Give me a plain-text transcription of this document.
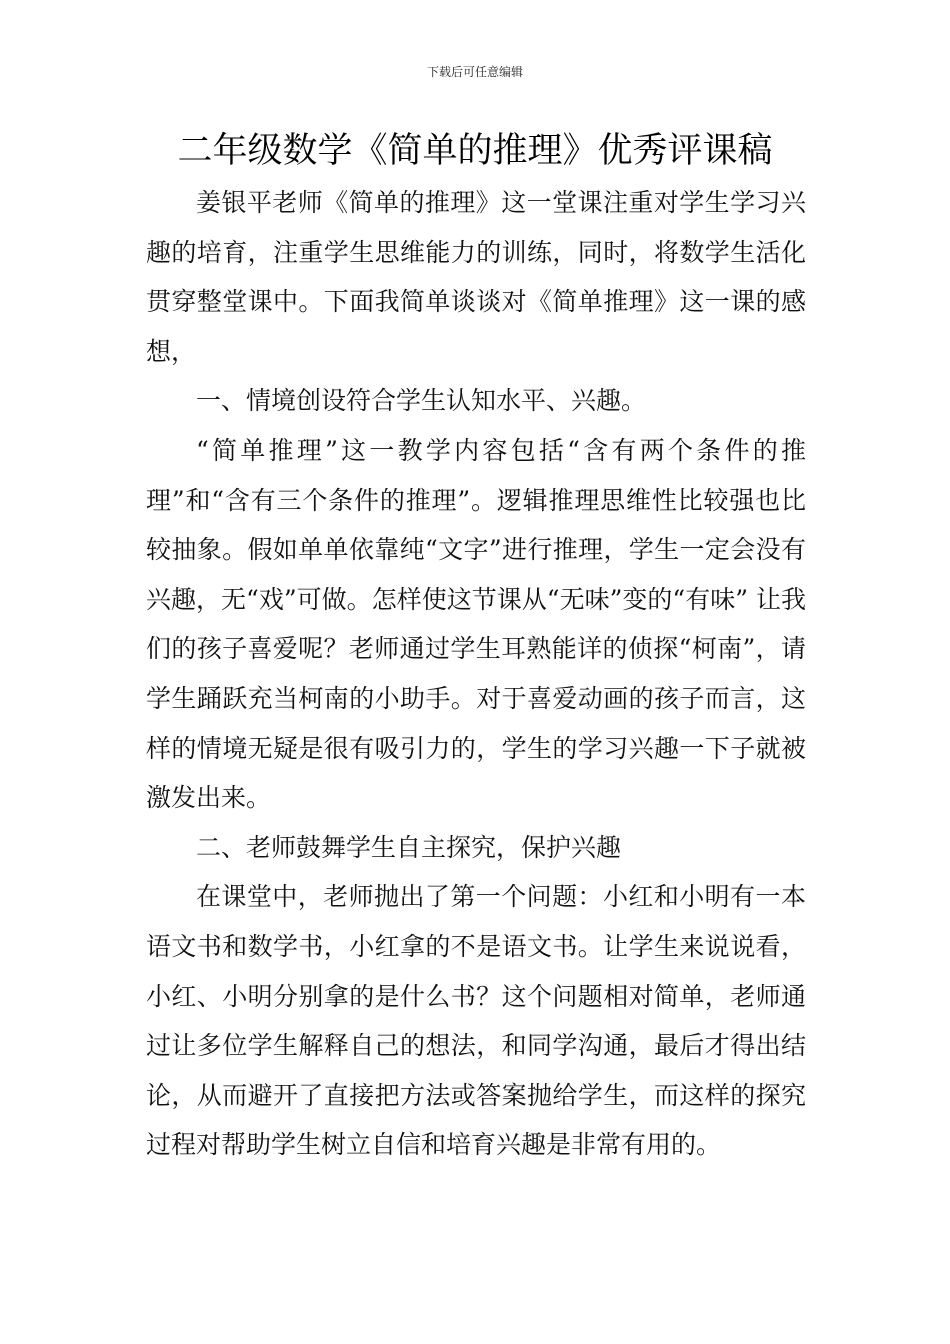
下载后可任意编辑
二年级数学《简单的推理》优秀评课稿

姜银平老师《简单的推理》这一堂课注重对学生学习兴趣的培育，注重学生思维能力的训练，同时，将数学生活化贯穿整堂课中。下面我简单谈谈对《简单推理》这一课的感想，

一、情境创设符合学生认知水平、兴趣。

“简单推理”这一教学内容包括“含有两个条件的推理”和“含有三个条件的推理”。逻辑推理思维性比较强也比较抽象。假如单单依靠纯“文字”进行推理，学生一定会没有兴趣，无“戏”可做。怎样使这节课从“无味”变的“有味” 让我们的孩子喜爱呢？老师通过学生耳熟能详的侦探“柯南”，请学生踊跃充当柯南的小助手。对于喜爱动画的孩子而言，这样的情境无疑是很有吸引力的，学生的学习兴趣一下子就被激发出来。

二、老师鼓舞学生自主探究，保护兴趣

在课堂中，老师抛出了第一个问题：小红和小明有一本语文书和数学书，小红拿的不是语文书。让学生来说说看，小红、小明分别拿的是什么书？这个问题相对简单，老师通过让多位学生解释自己的想法，和同学沟通，最后才得出结论，从而避开了直接把方法或答案抛给学生，而这样的探究过程对帮助学生树立自信和培育兴趣是非常有用的。
